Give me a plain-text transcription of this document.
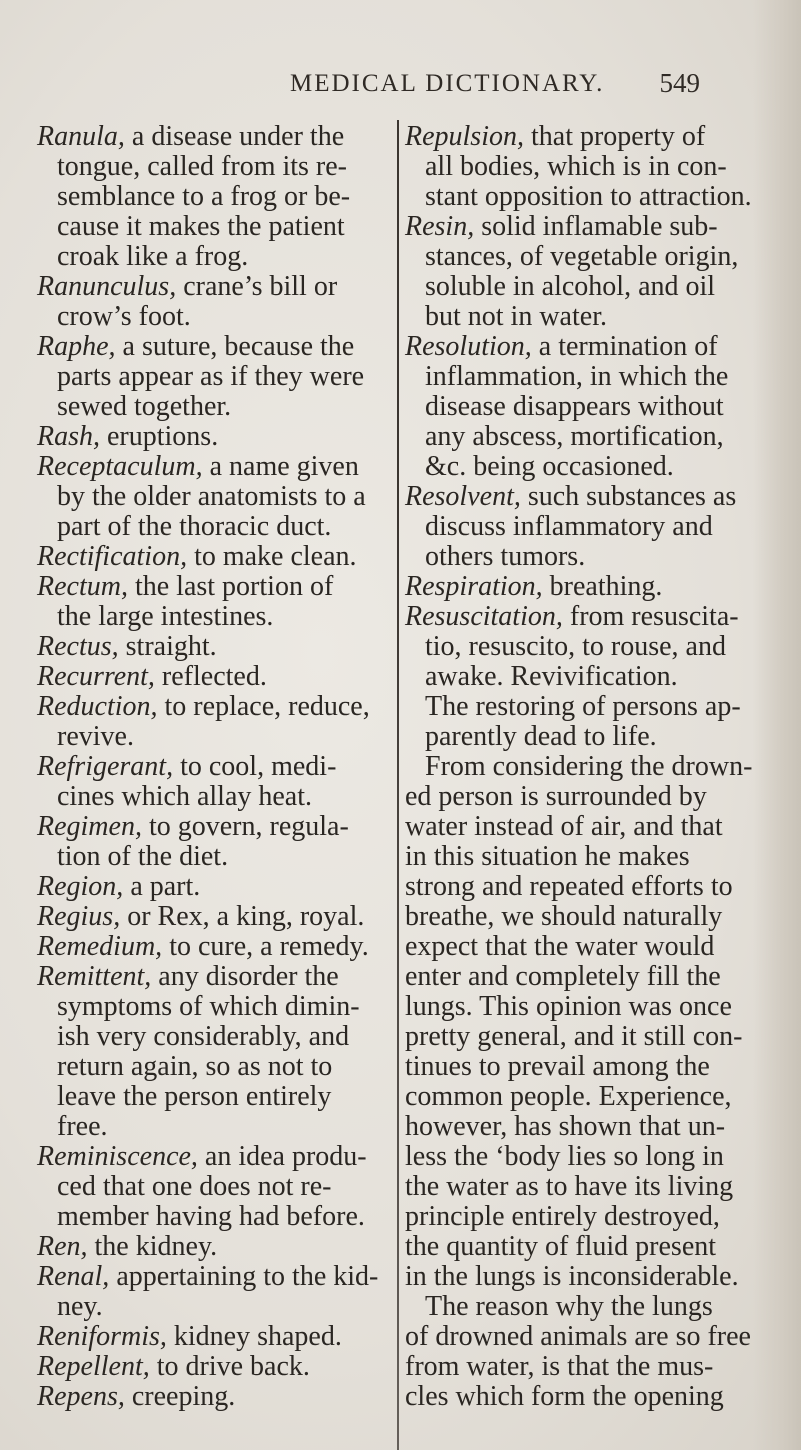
MEDICAL DICTIONARY. 549
Ranula, a disease under the
tongue, called from its re-
semblance to a frog or be-
cause it makes the patient
croak like a frog.
Ranunculus, crane’s bill or
crow’s foot.
Raphe, a suture, because the
parts appear as if they were
sewed together.
Rash, eruptions.
Receptaculum, a name given
by the older anatomists to a
part of the thoracic duct.
Rectification, to make clean.
Rectum, the last portion of
the large intestines.
Rectus, straight.
Recurrent, reflected.
Reduction, to replace, reduce,
revive.
Refrigerant, to cool, medi-
cines which allay heat.
Regimen, to govern, regula-
tion of the diet.
Region, a part.
Regius, or Rex, a king, royal.
Remedium, to cure, a remedy.
Remittent, any disorder the
symptoms of which dimin-
ish very considerably, and
return again, so as not to
leave the person entirely
free.
Reminiscence, an idea produ-
ced that one does not re-
member having had before.
Ren, the kidney.
Renal, appertaining to the kid-
ney.
Reniformis, kidney shaped.
Repellent, to drive back.
Repens, creeping.
Repulsion, that property of
all bodies, which is in con-
stant opposition to attraction.
Resin, solid inflamable sub-
stances, of vegetable origin,
soluble in alcohol, and oil
but not in water.
Resolution, a termination of
inflammation, in which the
disease disappears without
any abscess, mortification,
&c. being occasioned.
Resolvent, such substances as
discuss inflammatory and
others tumors.
Respiration, breathing.
Resuscitation, from resuscita-
tio, resuscito, to rouse, and
awake. Revivification.
The restoring of persons ap-
parently dead to life.
From considering the drown-
ed person is surrounded by
water instead of air, and that
in this situation he makes
strong and repeated efforts to
breathe, we should naturally
expect that the water would
enter and completely fill the
lungs. This opinion was once
pretty general, and it still con-
tinues to prevail among the
common people. Experience,
however, has shown that un-
less the ‘body lies so long in
the water as to have its living
principle entirely destroyed,
the quantity of fluid present
in the lungs is inconsiderable.
The reason why the lungs
of drowned animals are so free
from water, is that the mus-
cles which form the opening
